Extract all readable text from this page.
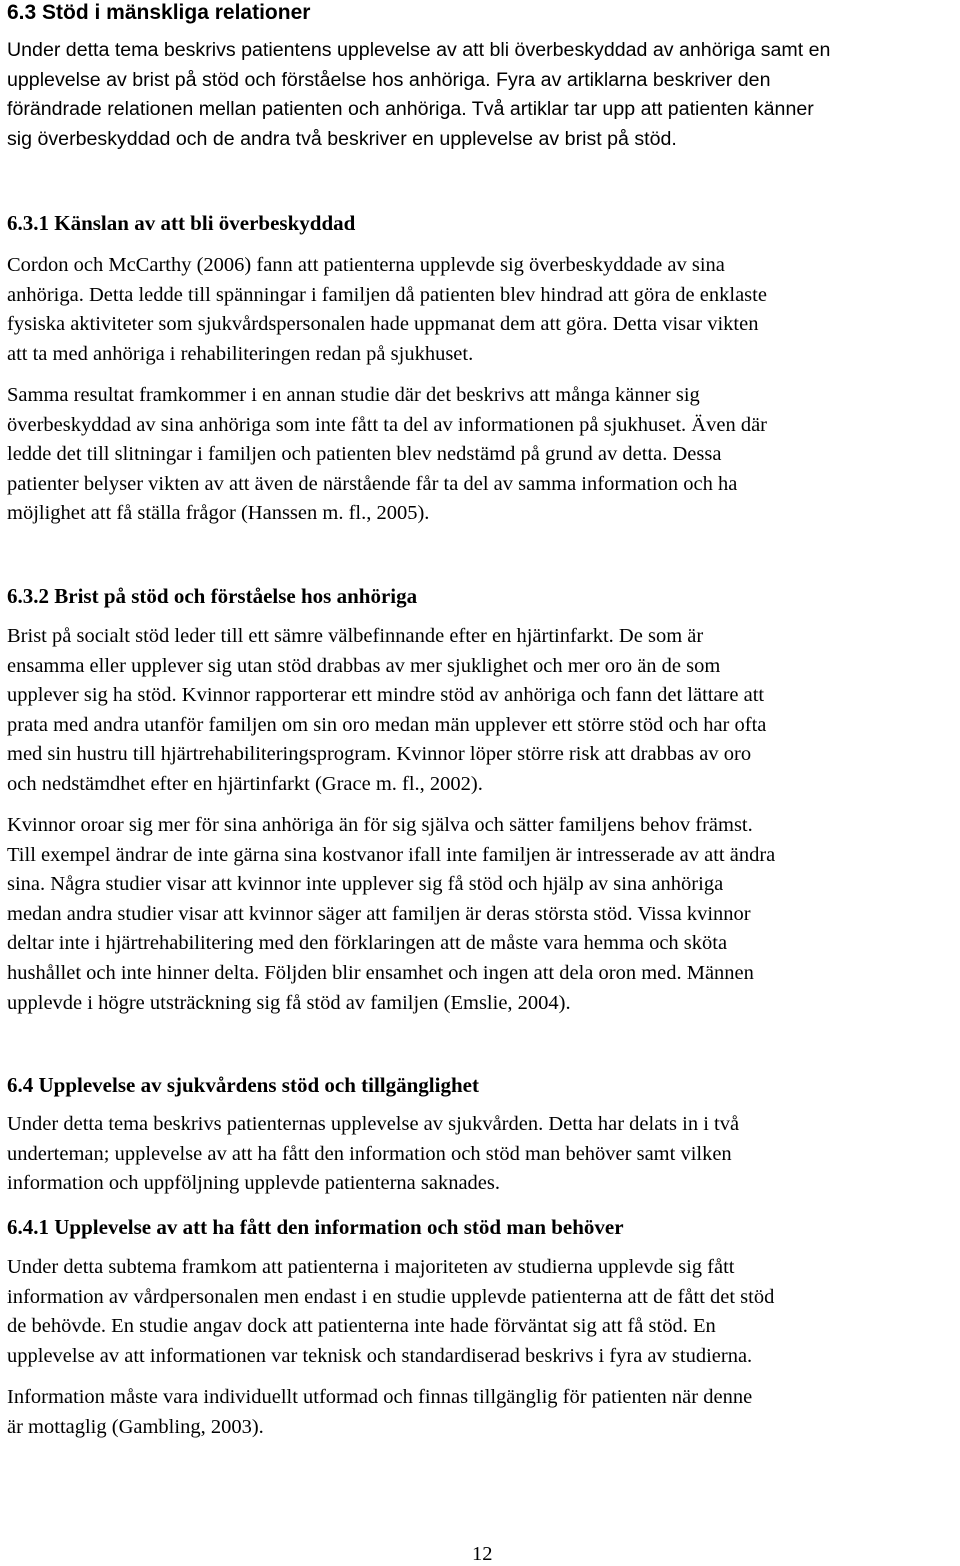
6.3 Stöd i mänskliga relationer

Under detta tema beskrivs patientens upplevelse av att bli överbeskyddad av anhöriga samt en
upplevelse av brist på stöd och förståelse hos anhöriga. Fyra av artiklarna beskriver den
förändrade relationen mellan patienten och anhöriga. Två artiklar tar upp att patienten känner
sig överbeskyddad och de andra två beskriver en upplevelse av brist på stöd.

6.3.1 Känslan av att bli överbeskyddad

Cordon och McCarthy (2006) fann att patienterna upplevde sig överbeskyddade av sina
anhöriga. Detta ledde till spänningar i familjen då patienten blev hindrad att göra de enklaste
fysiska aktiviteter som sjukvårdspersonalen hade uppmanat dem att göra. Detta visar vikten
att ta med anhöriga i rehabiliteringen redan på sjukhuset.

Samma resultat framkommer i en annan studie där det beskrivs att många känner sig
överbeskyddad av sina anhöriga som inte fått ta del av informationen på sjukhuset. Även där
ledde det till slitningar i familjen och patienten blev nedstämd på grund av detta. Dessa
patienter belyser vikten av att även de närstående får ta del av samma information och ha
möjlighet att få ställa frågor (Hanssen m. fl., 2005).

6.3.2 Brist på stöd och förståelse hos anhöriga

Brist på socialt stöd leder till ett sämre välbefinnande efter en hjärtinfarkt. De som är
ensamma eller upplever sig utan stöd drabbas av mer sjuklighet och mer oro än de som
upplever sig ha stöd. Kvinnor rapporterar ett mindre stöd av anhöriga och fann det lättare att
prata med andra utanför familjen om sin oro medan män upplever ett större stöd och har ofta
med sin hustru till hjärtrehabiliteringsprogram. Kvinnor löper större risk att drabbas av oro
och nedstämdhet efter en hjärtinfarkt (Grace m. fl., 2002).

Kvinnor oroar sig mer för sina anhöriga än för sig själva och sätter familjens behov främst.
Till exempel ändrar de inte gärna sina kostvanor ifall inte familjen är intresserade av att ändra
sina. Några studier visar att kvinnor inte upplever sig få stöd och hjälp av sina anhöriga
medan andra studier visar att kvinnor säger att familjen är deras största stöd. Vissa kvinnor
deltar inte i hjärtrehabilitering med den förklaringen att de måste vara hemma och sköta
hushållet och inte hinner delta. Följden blir ensamhet och ingen att dela oron med. Männen
upplevde i högre utsträckning sig få stöd av familjen (Emslie, 2004).

6.4 Upplevelse av sjukvårdens stöd och tillgänglighet

Under detta tema beskrivs patienternas upplevelse av sjukvården. Detta har delats in i två
underteman; upplevelse av att ha fått den information och stöd man behöver samt vilken
information och uppföljning upplevde patienterna saknades.

6.4.1 Upplevelse av att ha fått den information och stöd man behöver

Under detta subtema framkom att patienterna i majoriteten av studierna upplevde sig fått
information av vårdpersonalen men endast i en studie upplevde patienterna att de fått det stöd
de behövde. En studie angav dock att patienterna inte hade förväntat sig att få stöd. En
upplevelse av att informationen var teknisk och standardiserad beskrivs i fyra av studierna.

Information måste vara individuellt utformad och finnas tillgänglig för patienten när denne
är mottaglig (Gambling, 2003).

12
